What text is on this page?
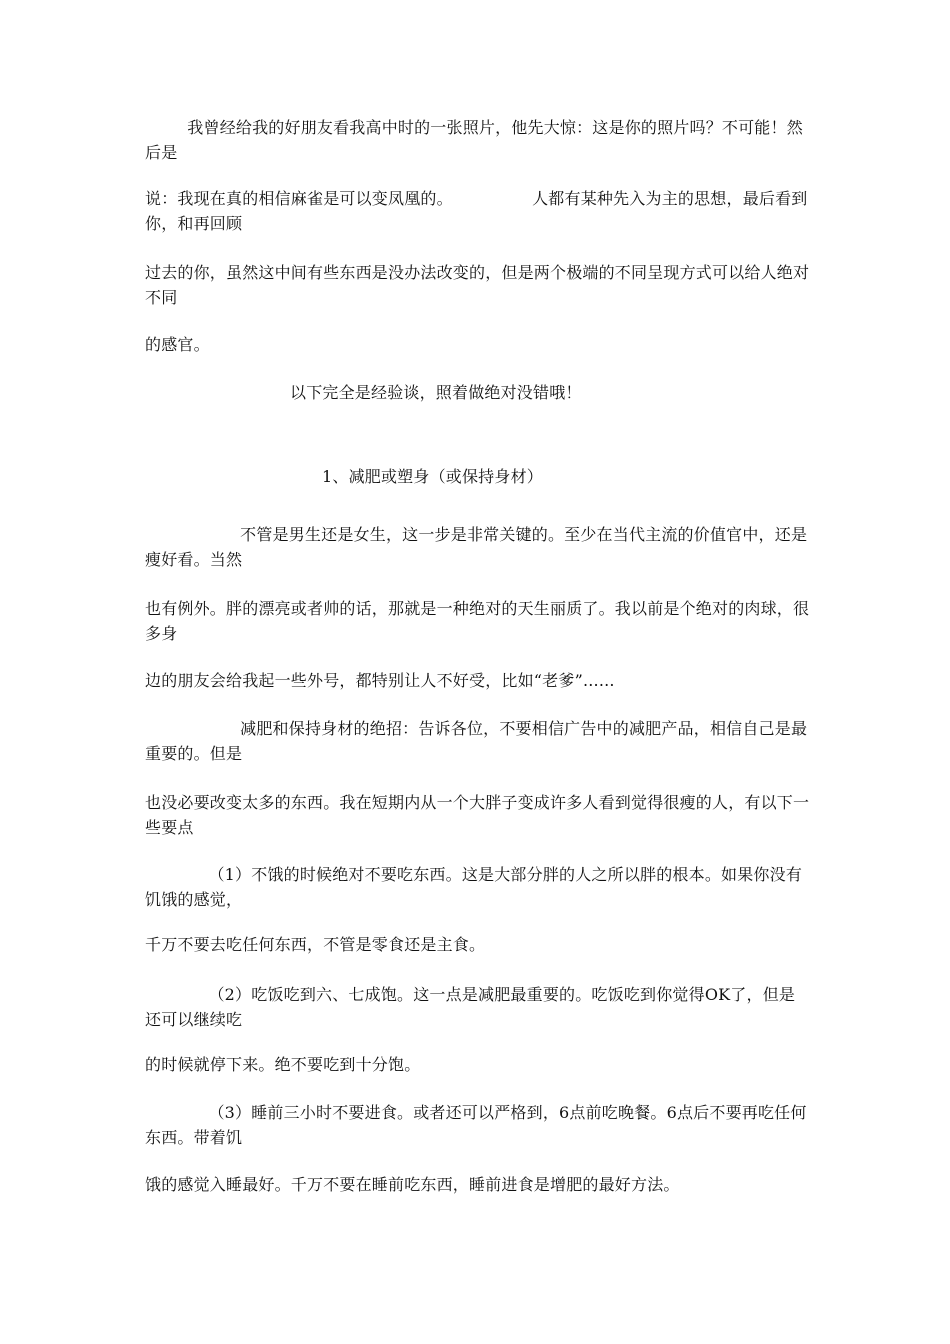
我曾经给我的好朋友看我高中时的一张照片，他先大惊：这是你的照片吗？不可能！然后是

说：我现在真的相信麻雀是可以变凤凰的。               人都有某种先入为主的思想，最后看到你，和再回顾

过去的你，虽然这中间有些东西是没办法改变的，但是两个极端的不同呈现方式可以给人绝对不同

的感官。

以下完全是经验谈，照着做绝对没错哦！

1、减肥或塑身（或保持身材）

不管是男生还是女生，这一步是非常关键的。至少在当代主流的价值官中，还是瘦好看。当然

也有例外。胖的漂亮或者帅的话，那就是一种绝对的天生丽质了。我以前是个绝对的肉球，很多身

边的朋友会给我起一些外号，都特别让人不好受，比如“老爹”......

减肥和保持身材的绝招：告诉各位，不要相信广告中的减肥产品，相信自己是最重要的。但是

也没必要改变太多的东西。我在短期内从一个大胖子变成许多人看到觉得很瘦的人，有以下一些要点

（1）不饿的时候绝对不要吃东西。这是大部分胖的人之所以胖的根本。如果你没有饥饿的感觉，

千万不要去吃任何东西，不管是零食还是主食。

（2）吃饭吃到六、七成饱。这一点是减肥最重要的。吃饭吃到你觉得OK了，但是还可以继续吃

的时候就停下来。绝不要吃到十分饱。

（3）睡前三小时不要进食。或者还可以严格到，6点前吃晚餐。6点后不要再吃任何东西。带着饥

饿的感觉入睡最好。千万不要在睡前吃东西，睡前进食是增肥的最好方法。
